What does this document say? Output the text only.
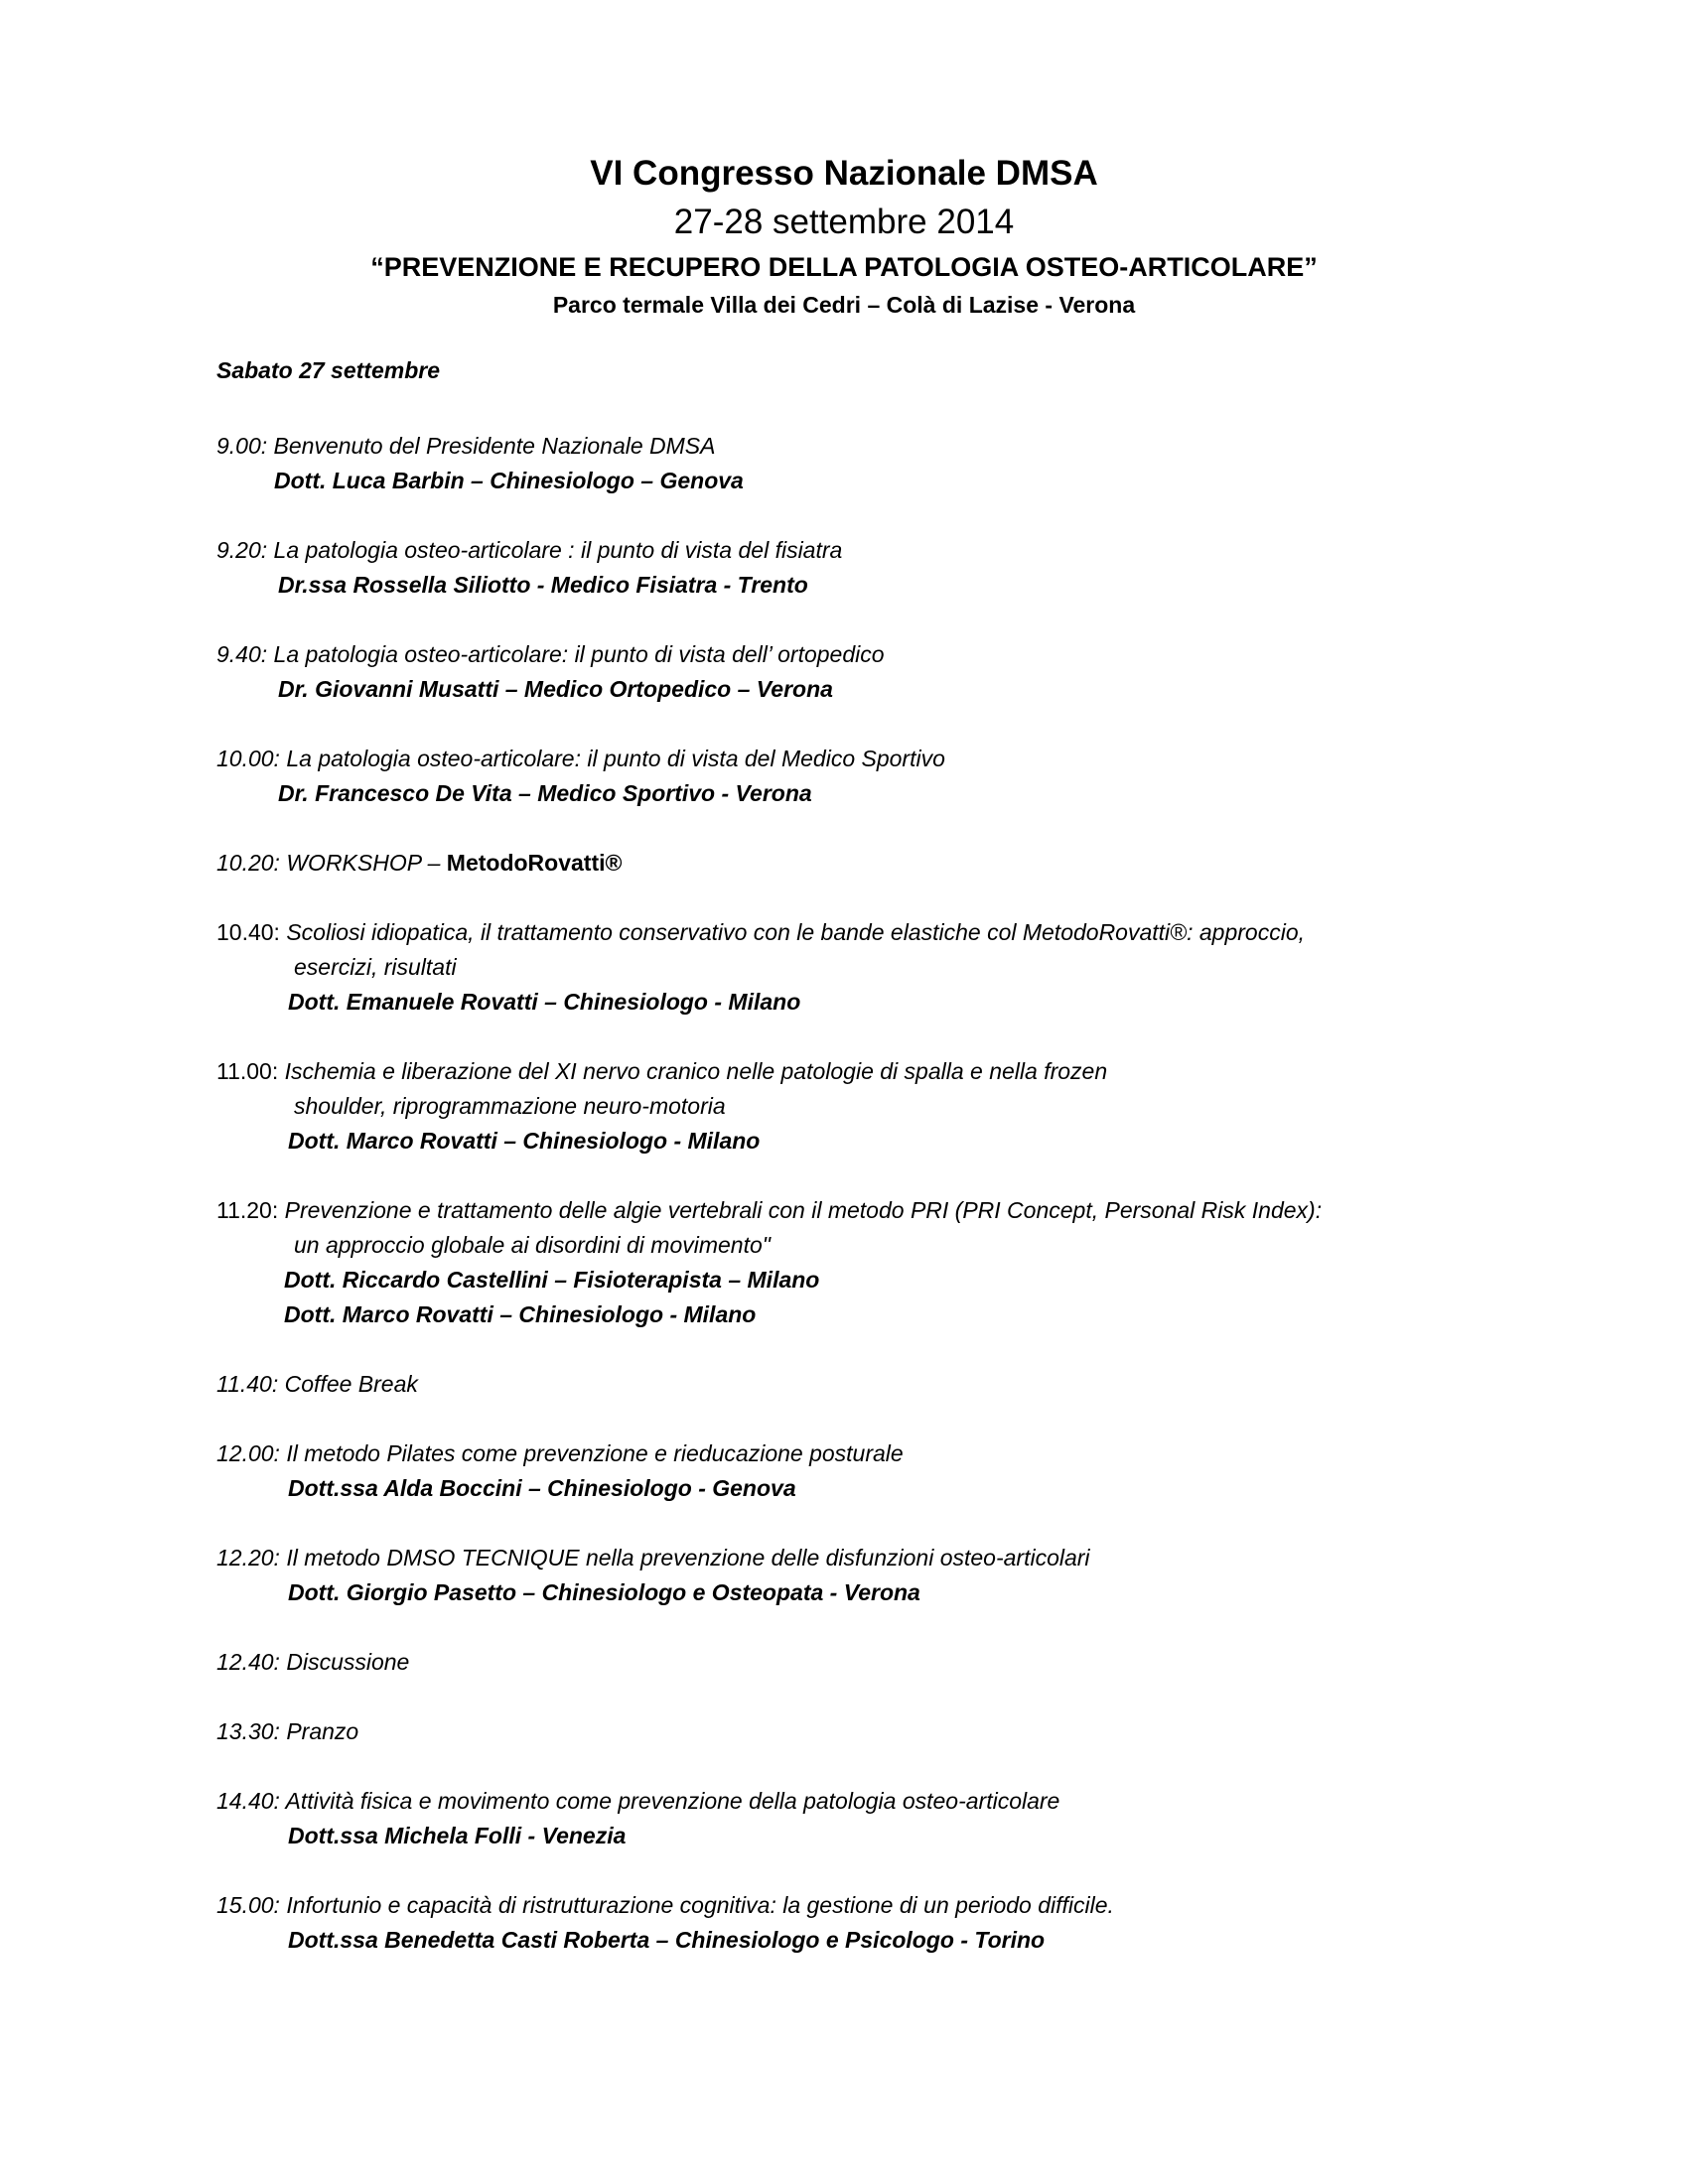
VI Congresso Nazionale DMSA
27-28 settembre 2014
“PREVENZIONE E RECUPERO DELLA PATOLOGIA OSTEO-ARTICOLARE”
Parco termale Villa dei Cedri – Colà di Lazise - Verona
Sabato 27 settembre
9.00: Benvenuto del Presidente Nazionale DMSA
Dott. Luca Barbin – Chinesiologo – Genova
9.20: La patologia osteo-articolare : il punto di vista del fisiatra
Dr.ssa Rossella Siliotto - Medico Fisiatra - Trento
9.40: La patologia osteo-articolare: il punto di vista dell’ ortopedico
Dr. Giovanni Musatti – Medico Ortopedico – Verona
10.00: La patologia osteo-articolare: il punto di vista del Medico Sportivo
Dr. Francesco De Vita – Medico Sportivo - Verona
10.20: WORKSHOP – MetodoRovatti®
10.40: Scoliosi idiopatica, il trattamento conservativo con le bande elastiche col MetodoRovatti®: approccio,
esercizi, risultati
Dott. Emanuele Rovatti – Chinesiologo - Milano
11.00: Ischemia e liberazione del XI nervo cranico nelle patologie di spalla e nella frozen
shoulder, riprogrammazione neuro-motoria
Dott. Marco Rovatti – Chinesiologo - Milano
11.20: Prevenzione e trattamento delle algie vertebrali con il metodo PRI (PRI Concept, Personal Risk Index):
un approccio globale ai disordini di movimento"
Dott. Riccardo Castellini – Fisioterapista – Milano
Dott. Marco Rovatti – Chinesiologo - Milano
11.40: Coffee Break
12.00: Il metodo Pilates come prevenzione e rieducazione posturale
Dott.ssa Alda Boccini – Chinesiologo - Genova
12.20: Il metodo DMSO TECNIQUE nella prevenzione delle disfunzioni osteo-articolari
Dott. Giorgio Pasetto – Chinesiologo e Osteopata - Verona
12.40: Discussione
13.30: Pranzo
14.40: Attività fisica e movimento come prevenzione della patologia osteo-articolare
Dott.ssa Michela Folli - Venezia
15.00: Infortunio e capacità di ristrutturazione cognitiva: la gestione di un periodo difficile.
Dott.ssa Benedetta Casti Roberta – Chinesiologo e Psicologo - Torino
